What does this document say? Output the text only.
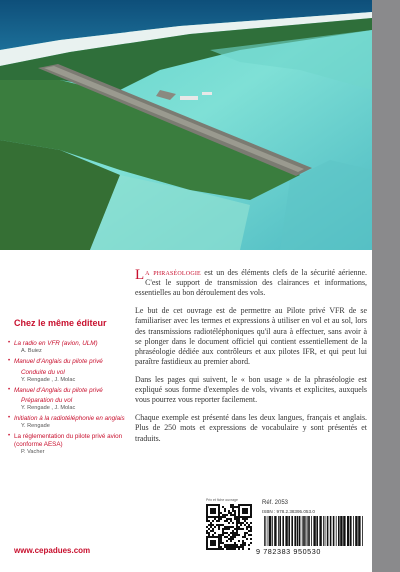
La phraséologie est un des éléments clefs de la sécurité aérienne. C'est le support de transmission des clairances et informations, essentielles au bon déroulement des vols.

Le but de cet ouvrage est de permettre au Pilote privé VFR de se familiariser avec les termes et expressions à utiliser en vol et au sol, lors des transmissions radiotéléphoniques qu'il aura à effectuer, sans avoir à se plonger dans le document officiel qui contient essentiellement de la phraséologie dédiée aux contrôleurs et aux pilotes IFR, et qui peut lui paraître fastidieux au premier abord.

Dans les pages qui suivent, le « bon usage » de la phraséologie est expliqué sous forme d'exemples de vols, vivants et explicites, auxquels vous pourrez vous reporter facilement.

Chaque exemple est présenté dans les deux langues, français et anglais. Plus de 250 mots et expressions de vocabulaire y sont présentés et traduits.

Chez le même éditeur
• La radio en VFR (avion, ULM)
A. Buiez
• Manuel d'Anglais du pilote privé
Conduite du vol
Y. Rengade , J. Molac
• Manuel d'Anglais du pilote privé
Préparation du vol
Y. Rengade , J. Molac
• Initiation à la radiotéléphonie en anglais
Y. Rengade
• La réglementation du pilote privé avion (conforme AESA)
P. Vacher
www.cepadues.com
Prix et fiche ouvrage	Réf. 2053
ISBN : 978.2.38395.053.0
9 782383 950530
